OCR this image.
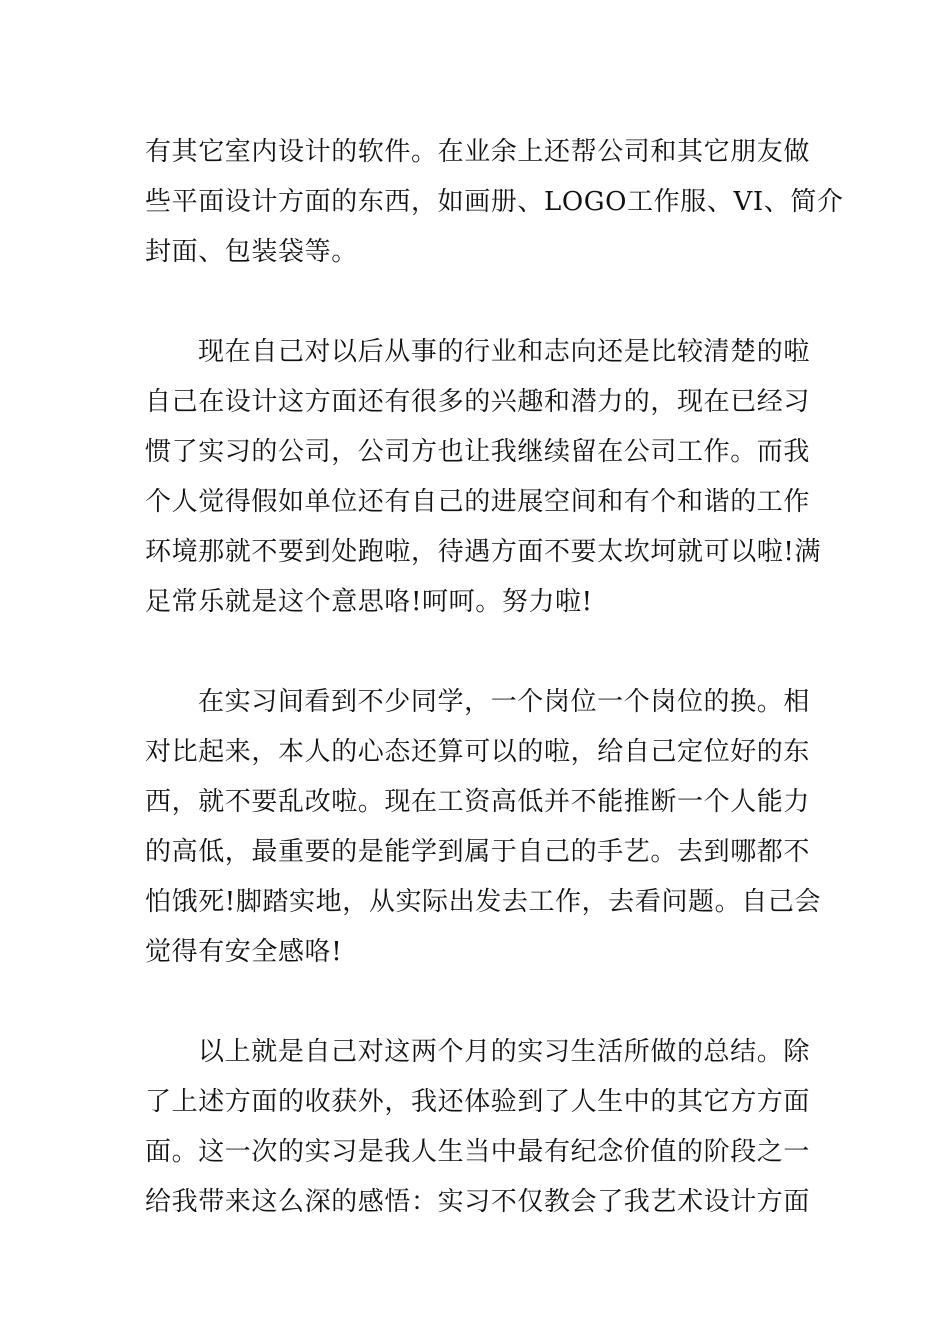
有其它室内设计的软件。在业余上还帮公司和其它朋友做
些平面设计方面的东西，如画册、LOGO工作服、VI、简介
封面、包装袋等。
现在自己对以后从事的行业和志向还是比较清楚的啦
自己在设计这方面还有很多的兴趣和潜力的，现在已经习
惯了实习的公司，公司方也让我继续留在公司工作。而我
个人觉得假如单位还有自己的进展空间和有个和谐的工作
环境那就不要到处跑啦，待遇方面不要太坎坷就可以啦!满
足常乐就是这个意思咯!呵呵。努力啦!
在实习间看到不少同学，一个岗位一个岗位的换。相
对比起来，本人的心态还算可以的啦，给自己定位好的东
西，就不要乱改啦。现在工资高低并不能推断一个人能力
的高低，最重要的是能学到属于自己的手艺。去到哪都不
怕饿死!脚踏实地，从实际出发去工作，去看问题。自己会
觉得有安全感咯!
以上就是自己对这两个月的实习生活所做的总结。除
了上述方面的收获外，我还体验到了人生中的其它方方面
面。这一次的实习是我人生当中最有纪念价值的阶段之一
给我带来这么深的感悟：实习不仅教会了我艺术设计方面
